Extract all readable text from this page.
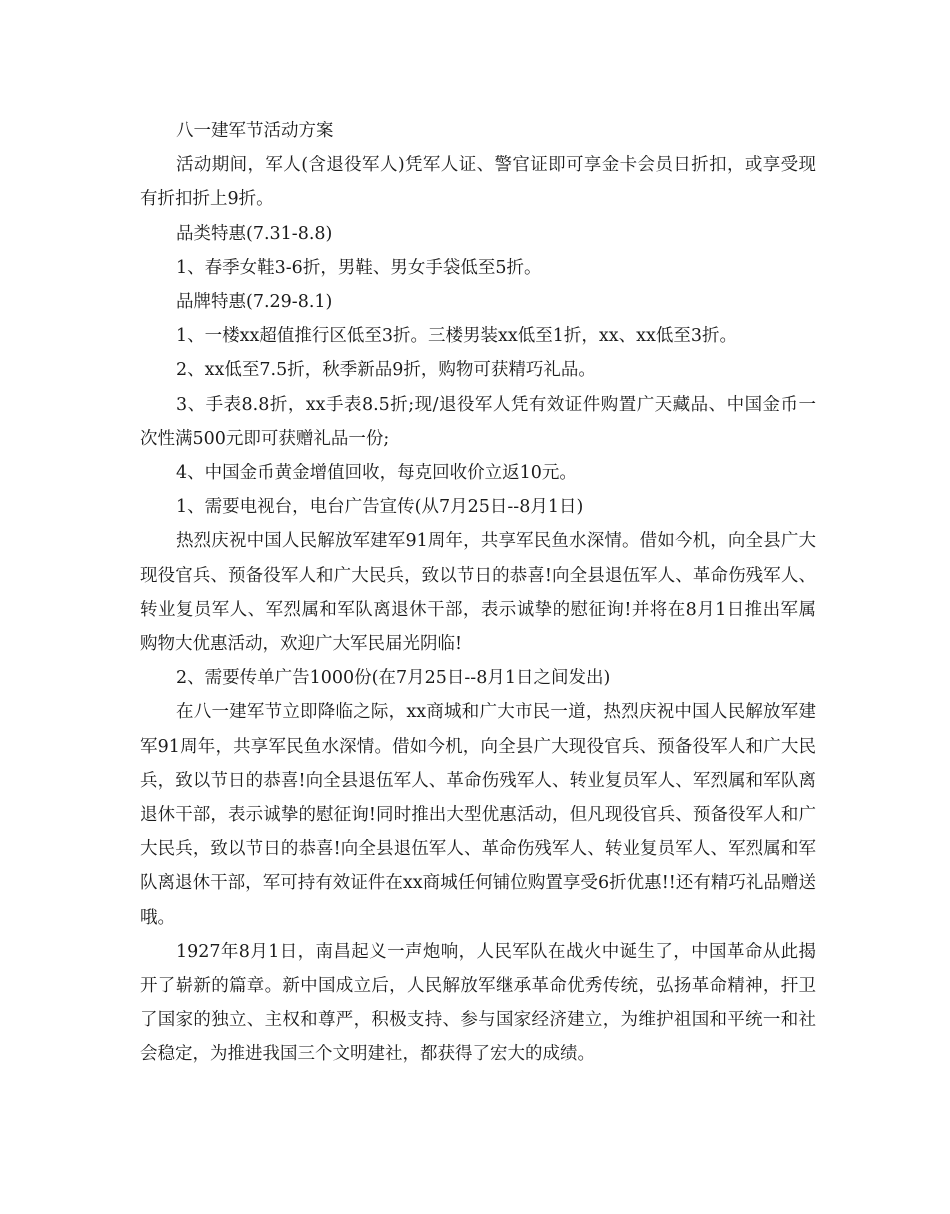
八一建军节活动方案

活动期间，军人(含退役军人)凭军人证、警官证即可享金卡会员日折扣，或享受现有折扣折上9折。

品类特惠(7.31-8.8)

1、春季女鞋3-6折，男鞋、男女手袋低至5折。

品牌特惠(7.29-8.1)

1、一楼xx超值推行区低至3折。三楼男装xx低至1折，xx、xx低至3折。

2、xx低至7.5折，秋季新品9折，购物可获精巧礼品。

3、手表8.8折，xx手表8.5折;现/退役军人凭有效证件购置广天藏品、中国金币一次性满500元即可获赠礼品一份;

4、中国金币黄金增值回收，每克回收价立返10元。

1、需要电视台，电台广告宣传(从7月25日--8月1日)

热烈庆祝中国人民解放军建军91周年，共享军民鱼水深情。借如今机，向全县广大现役官兵、预备役军人和广大民兵，致以节日的恭喜!向全县退伍军人、革命伤残军人、转业复员军人、军烈属和军队离退休干部，表示诚挚的慰征询!并将在8月1日推出军属购物大优惠活动，欢迎广大军民届光阴临!

2、需要传单广告1000份(在7月25日--8月1日之间发出)

在八一建军节立即降临之际，xx商城和广大市民一道，热烈庆祝中国人民解放军建军91周年，共享军民鱼水深情。借如今机，向全县广大现役官兵、预备役军人和广大民兵，致以节日的恭喜!向全县退伍军人、革命伤残军人、转业复员军人、军烈属和军队离退休干部，表示诚挚的慰征询!同时推出大型优惠活动，但凡现役官兵、预备役军人和广大民兵，致以节日的恭喜!向全县退伍军人、革命伤残军人、转业复员军人、军烈属和军队离退休干部，军可持有效证件在xx商城任何铺位购置享受6折优惠!!还有精巧礼品赠送哦。

1927年8月1日，南昌起义一声炮响，人民军队在战火中诞生了，中国革命从此揭开了崭新的篇章。新中国成立后，人民解放军继承革命优秀传统，弘扬革命精神，扞卫了国家的独立、主权和尊严，积极支持、参与国家经济建立，为维护祖国和平统一和社会稳定，为推进我国三个文明建社，都获得了宏大的成绩。
